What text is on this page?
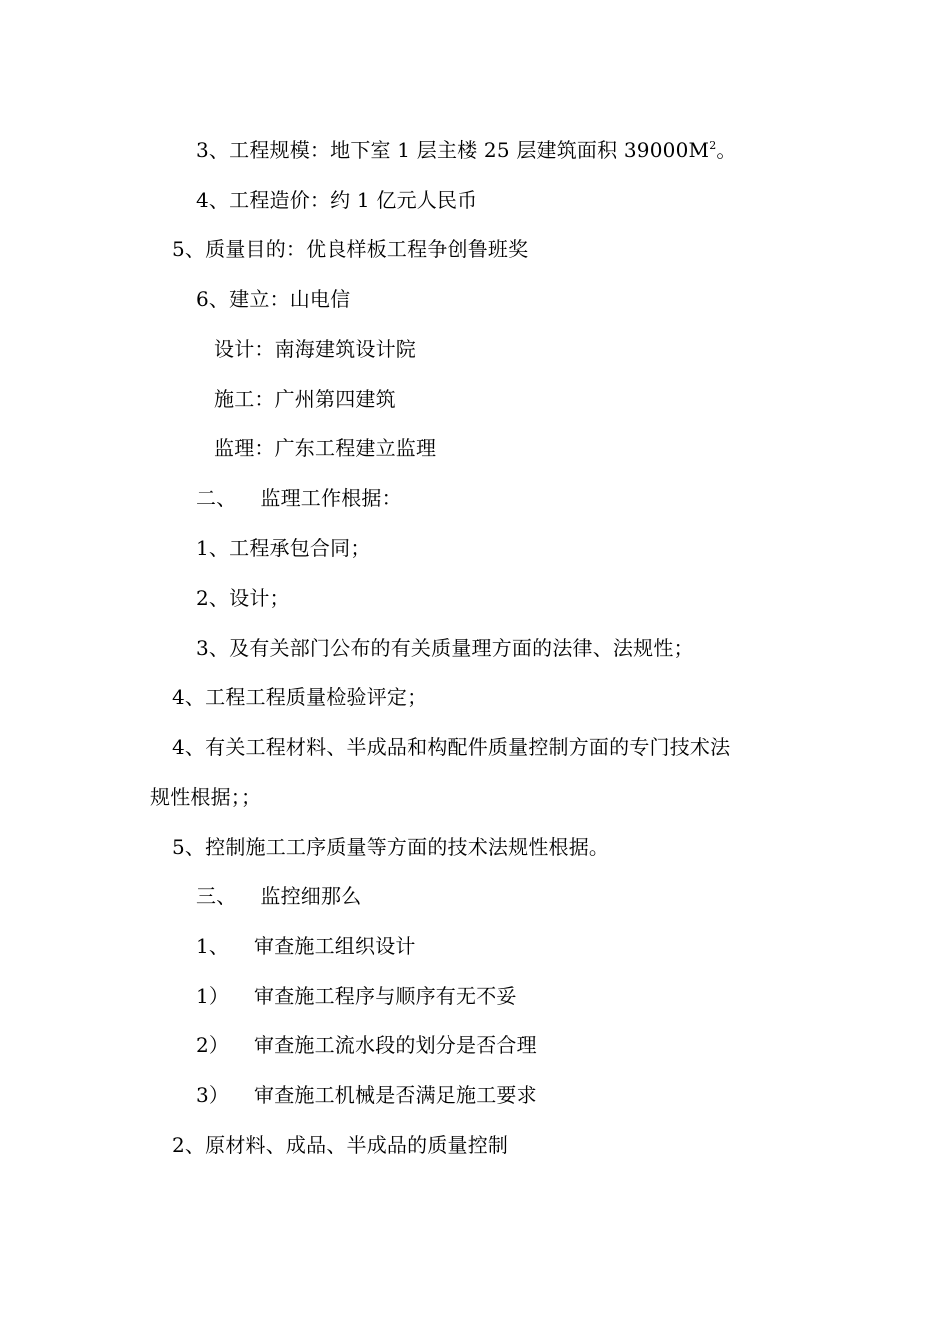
3、工程规模：地下室 1 层主楼 25 层建筑面积 $39000M^2$。
4、工程造价：约 1 亿元人民币
5、质量目的：优良样板工程争创鲁班奖
6、建立：山电信
设计：南海建筑设计院
施工：广州第四建筑
监理：广东工程建立监理
二、 监理工作根据：
1、工程承包合同；
2、设计；
3、及有关部门公布的有关质量理方面的法律、法规性；
4、工程工程质量检验评定；
4、有关工程材料、半成品和构配件质量控制方面的专门技术法
规性根据；；
5、控制施工工序质量等方面的技术法规性根据。
三、 监控细那么
1、 审查施工组织设计
1） 审查施工程序与顺序有无不妥
2） 审查施工流水段的划分是否合理
3） 审查施工机械是否满足施工要求
2、原材料、成品、半成品的质量控制
